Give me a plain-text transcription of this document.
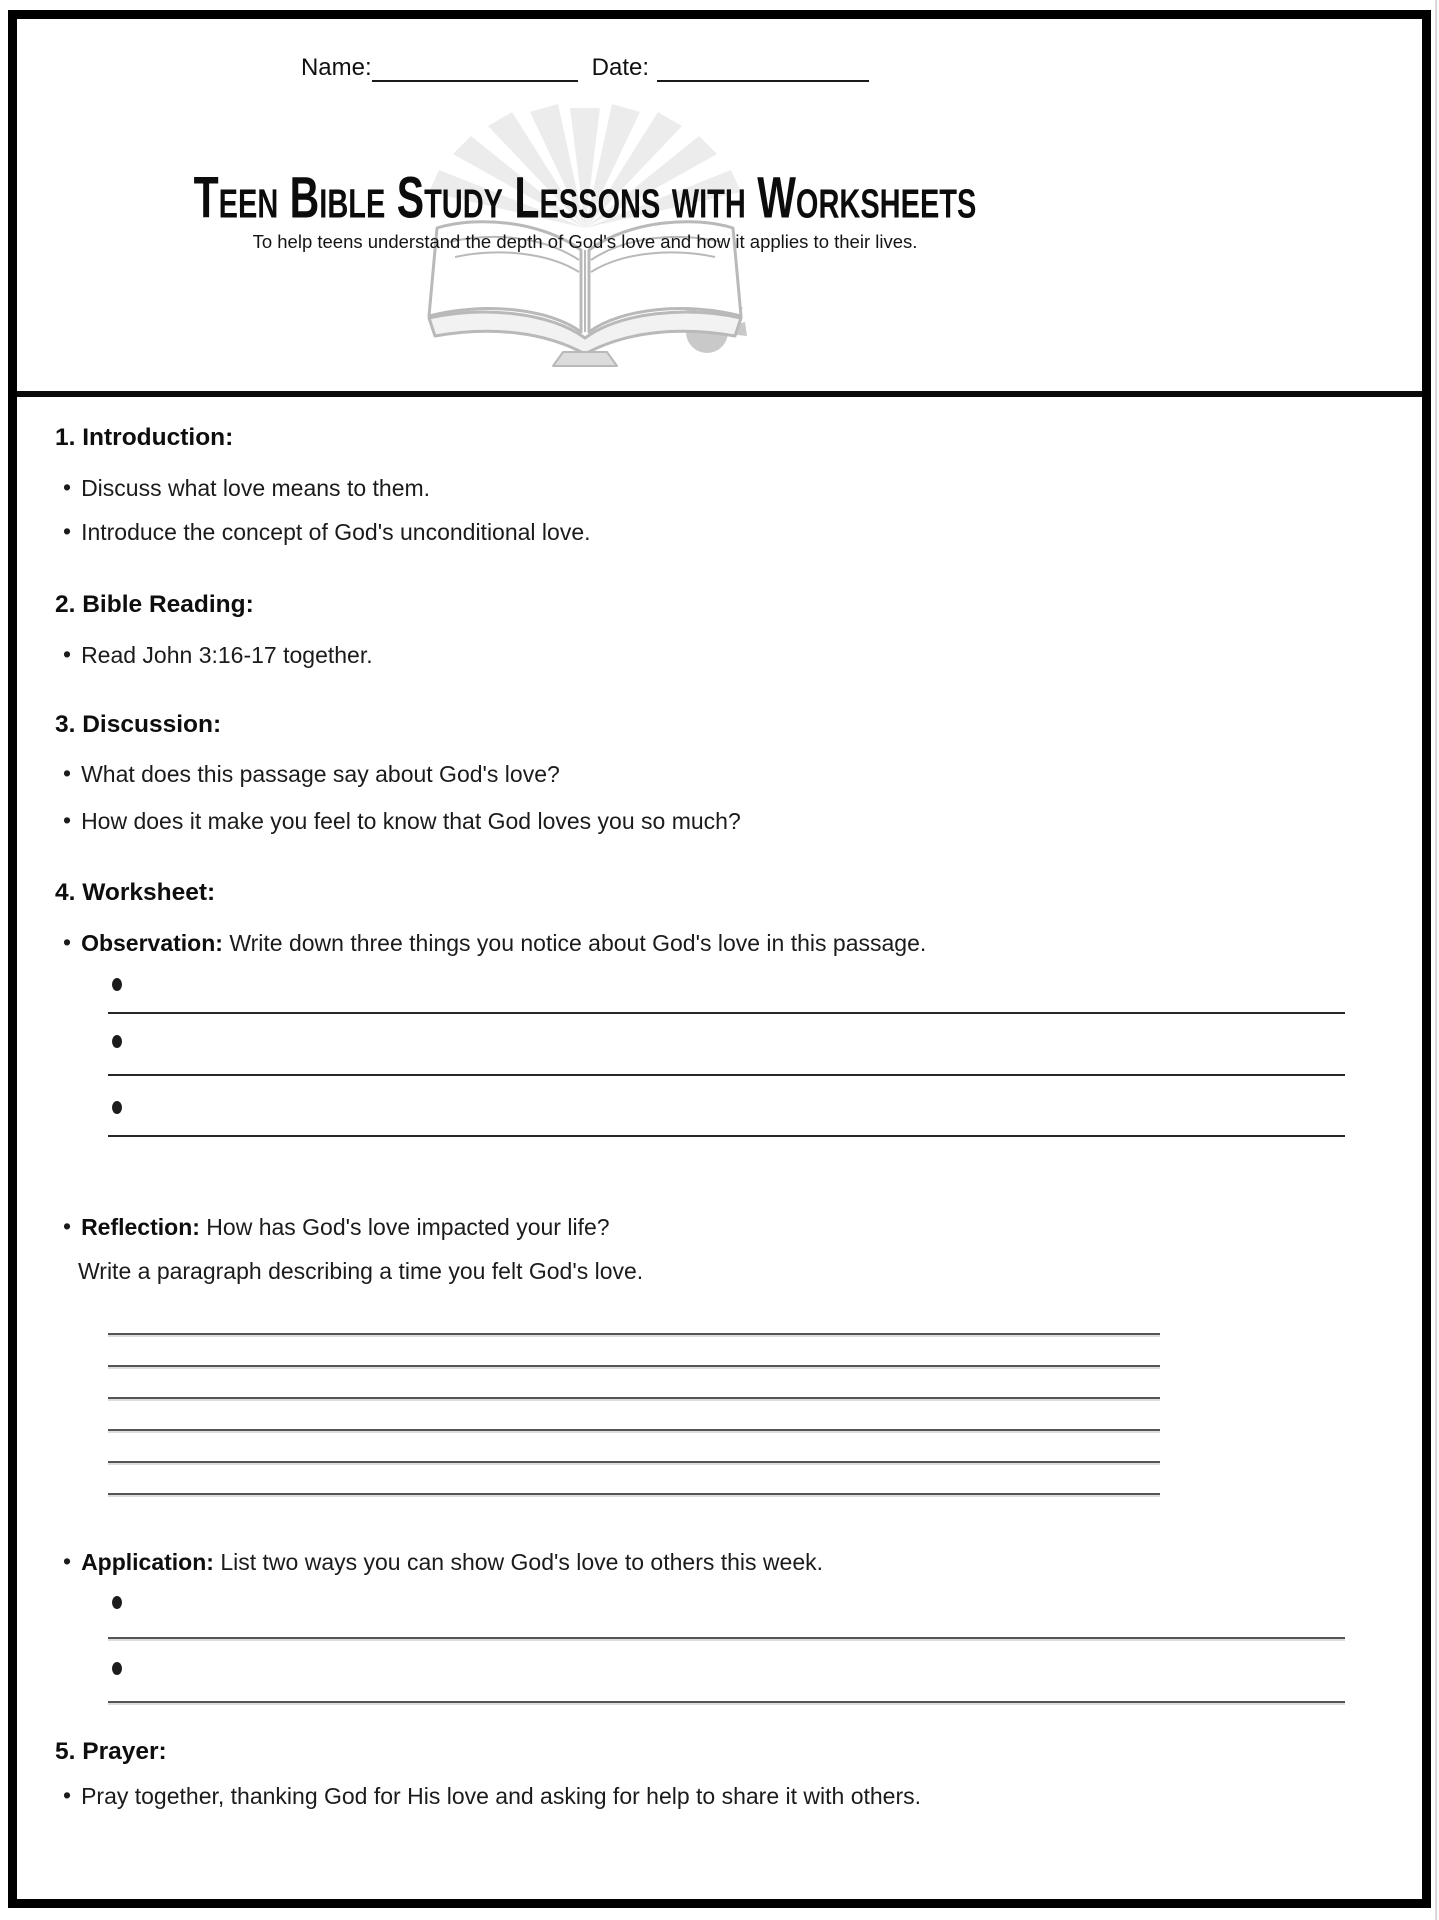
Name:	Date:
Teen Bible Study Lessons with Worksheets
To help teens understand the depth of God's love and how it applies to their lives.
1. Introduction:
• Discuss what love means to them.
• Introduce the concept of God's unconditional love.
2. Bible Reading:
• Read John 3:16-17 together.
3. Discussion:
• What does this passage say about God's love?
• How does it make you feel to know that God loves you so much?
4. Worksheet:
• Observation: Write down three things you notice about God's love in this passage.
• Reflection: How has God's love impacted your life?
Write a paragraph describing a time you felt God's love.
• Application: List two ways you can show God's love to others this week.
5. Prayer:
• Pray together, thanking God for His love and asking for help to share it with others.
